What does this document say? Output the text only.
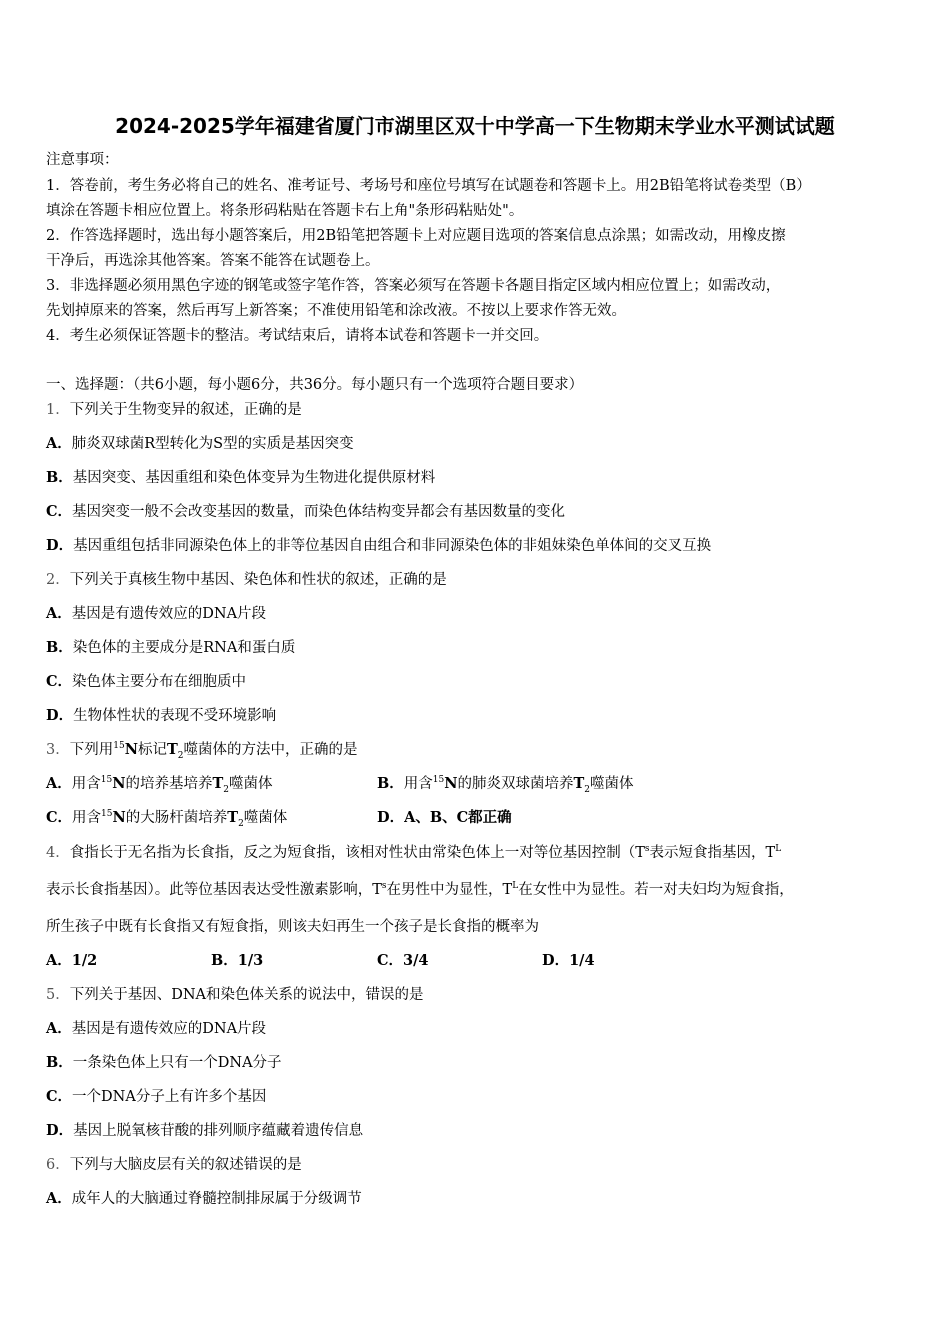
2024-2025学年福建省厦门市湖里区双十中学高一下生物期末学业水平测试试题
注意事项：
1．答卷前，考生务必将自己的姓名、准考证号、考场号和座位号填写在试题卷和答题卡上。用2B铅笔将试卷类型（B）
填涂在答题卡相应位置上。将条形码粘贴在答题卡右上角"条形码粘贴处"。
2．作答选择题时，选出每小题答案后，用2B铅笔把答题卡上对应题目选项的答案信息点涂黑；如需改动，用橡皮擦
干净后，再选涂其他答案。答案不能答在试题卷上。
3．非选择题必须用黑色字迹的钢笔或签字笔作答，答案必须写在答题卡各题目指定区域内相应位置上；如需改动，
先划掉原来的答案，然后再写上新答案；不准使用铅笔和涂改液。不按以上要求作答无效。
4．考生必须保证答题卡的整洁。考试结束后，请将本试卷和答题卡一并交回。
一、选择题：（共6小题，每小题6分，共36分。每小题只有一个选项符合题目要求）
1．下列关于生物变异的叙述，正确的是
A．肺炎双球菌R型转化为S型的实质是基因突变
B．基因突变、基因重组和染色体变异为生物进化提供原材料
C．基因突变一般不会改变基因的数量，而染色体结构变异都会有基因数量的变化
D．基因重组包括非同源染色体上的非等位基因自由组合和非同源染色体的非姐妹染色单体间的交叉互换
2．下列关于真核生物中基因、染色体和性状的叙述，正确的是
A．基因是有遗传效应的DNA片段
B．染色体的主要成分是RNA和蛋白质
C．染色体主要分布在细胞质中
D．生物体性状的表现不受环境影响
3．下列用$^{15}$N标记$T_2$噬菌体的方法中，正确的是
A．用含$^{15}$N的培养基培养$T_2$噬菌体	B．用含$^{15}$N的肺炎双球菌培养$T_2$噬菌体
C．用含$^{15}$N的大肠杆菌培养$T_2$噬菌体	D．A、B、C都正确
4．食指长于无名指为长食指，反之为短食指，该相对性状由常染色体上一对等位基因控制（$T^s$表示短食指基因，$T^L$
表示长食指基因）。此等位基因表达受性激素影响，$T^s$在男性中为显性，$T^L$在女性中为显性。若一对夫妇均为短食指，
所生孩子中既有长食指又有短食指，则该夫妇再生一个孩子是长食指的概率为
A．1/2	B．1/3	C．3/4	D．1/4
5．下列关于基因、DNA和染色体关系的说法中，错误的是
A．基因是有遗传效应的DNA片段
B．一条染色体上只有一个DNA分子
C．一个DNA分子上有许多个基因
D．基因上脱氧核苷酸的排列顺序蕴藏着遗传信息
6．下列与大脑皮层有关的叙述错误的是
A．成年人的大脑通过脊髓控制排尿属于分级调节
